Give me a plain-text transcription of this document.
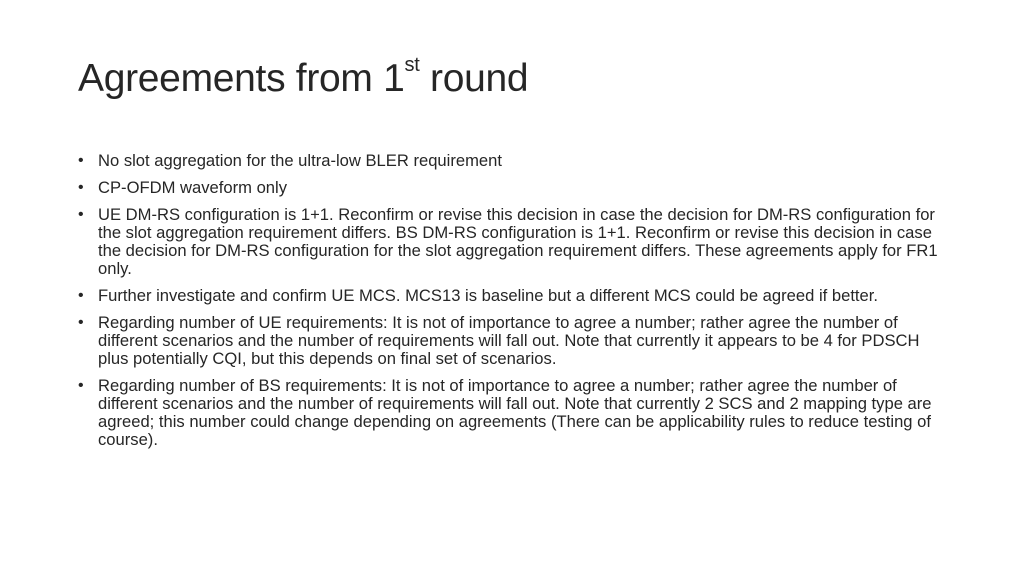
Agreements from 1st round
• No slot aggregation for the ultra-low BLER requirement
• CP-OFDM waveform only
• UE DM-RS configuration is 1+1. Reconfirm or revise this decision in case the decision for DM-RS configuration for the slot aggregation requirement differs. BS DM-RS configuration is 1+1. Reconfirm or revise this decision in case the decision for DM-RS configuration for the slot aggregation requirement differs. These agreements apply for FR1 only.
• Further investigate and confirm UE MCS. MCS13 is baseline but a different MCS could be agreed if better.
• Regarding number of UE requirements: It is not of importance to agree a number; rather agree the number of different scenarios and the number of requirements will fall out. Note that currently it appears to be 4 for PDSCH plus potentially CQI, but this depends on final set of scenarios.
• Regarding number of BS requirements: It is not of importance to agree a number; rather agree the number of different scenarios and the number of requirements will fall out. Note that currently 2 SCS and 2 mapping type are agreed; this number could change depending on agreements (There can be applicability rules to reduce testing of course).
